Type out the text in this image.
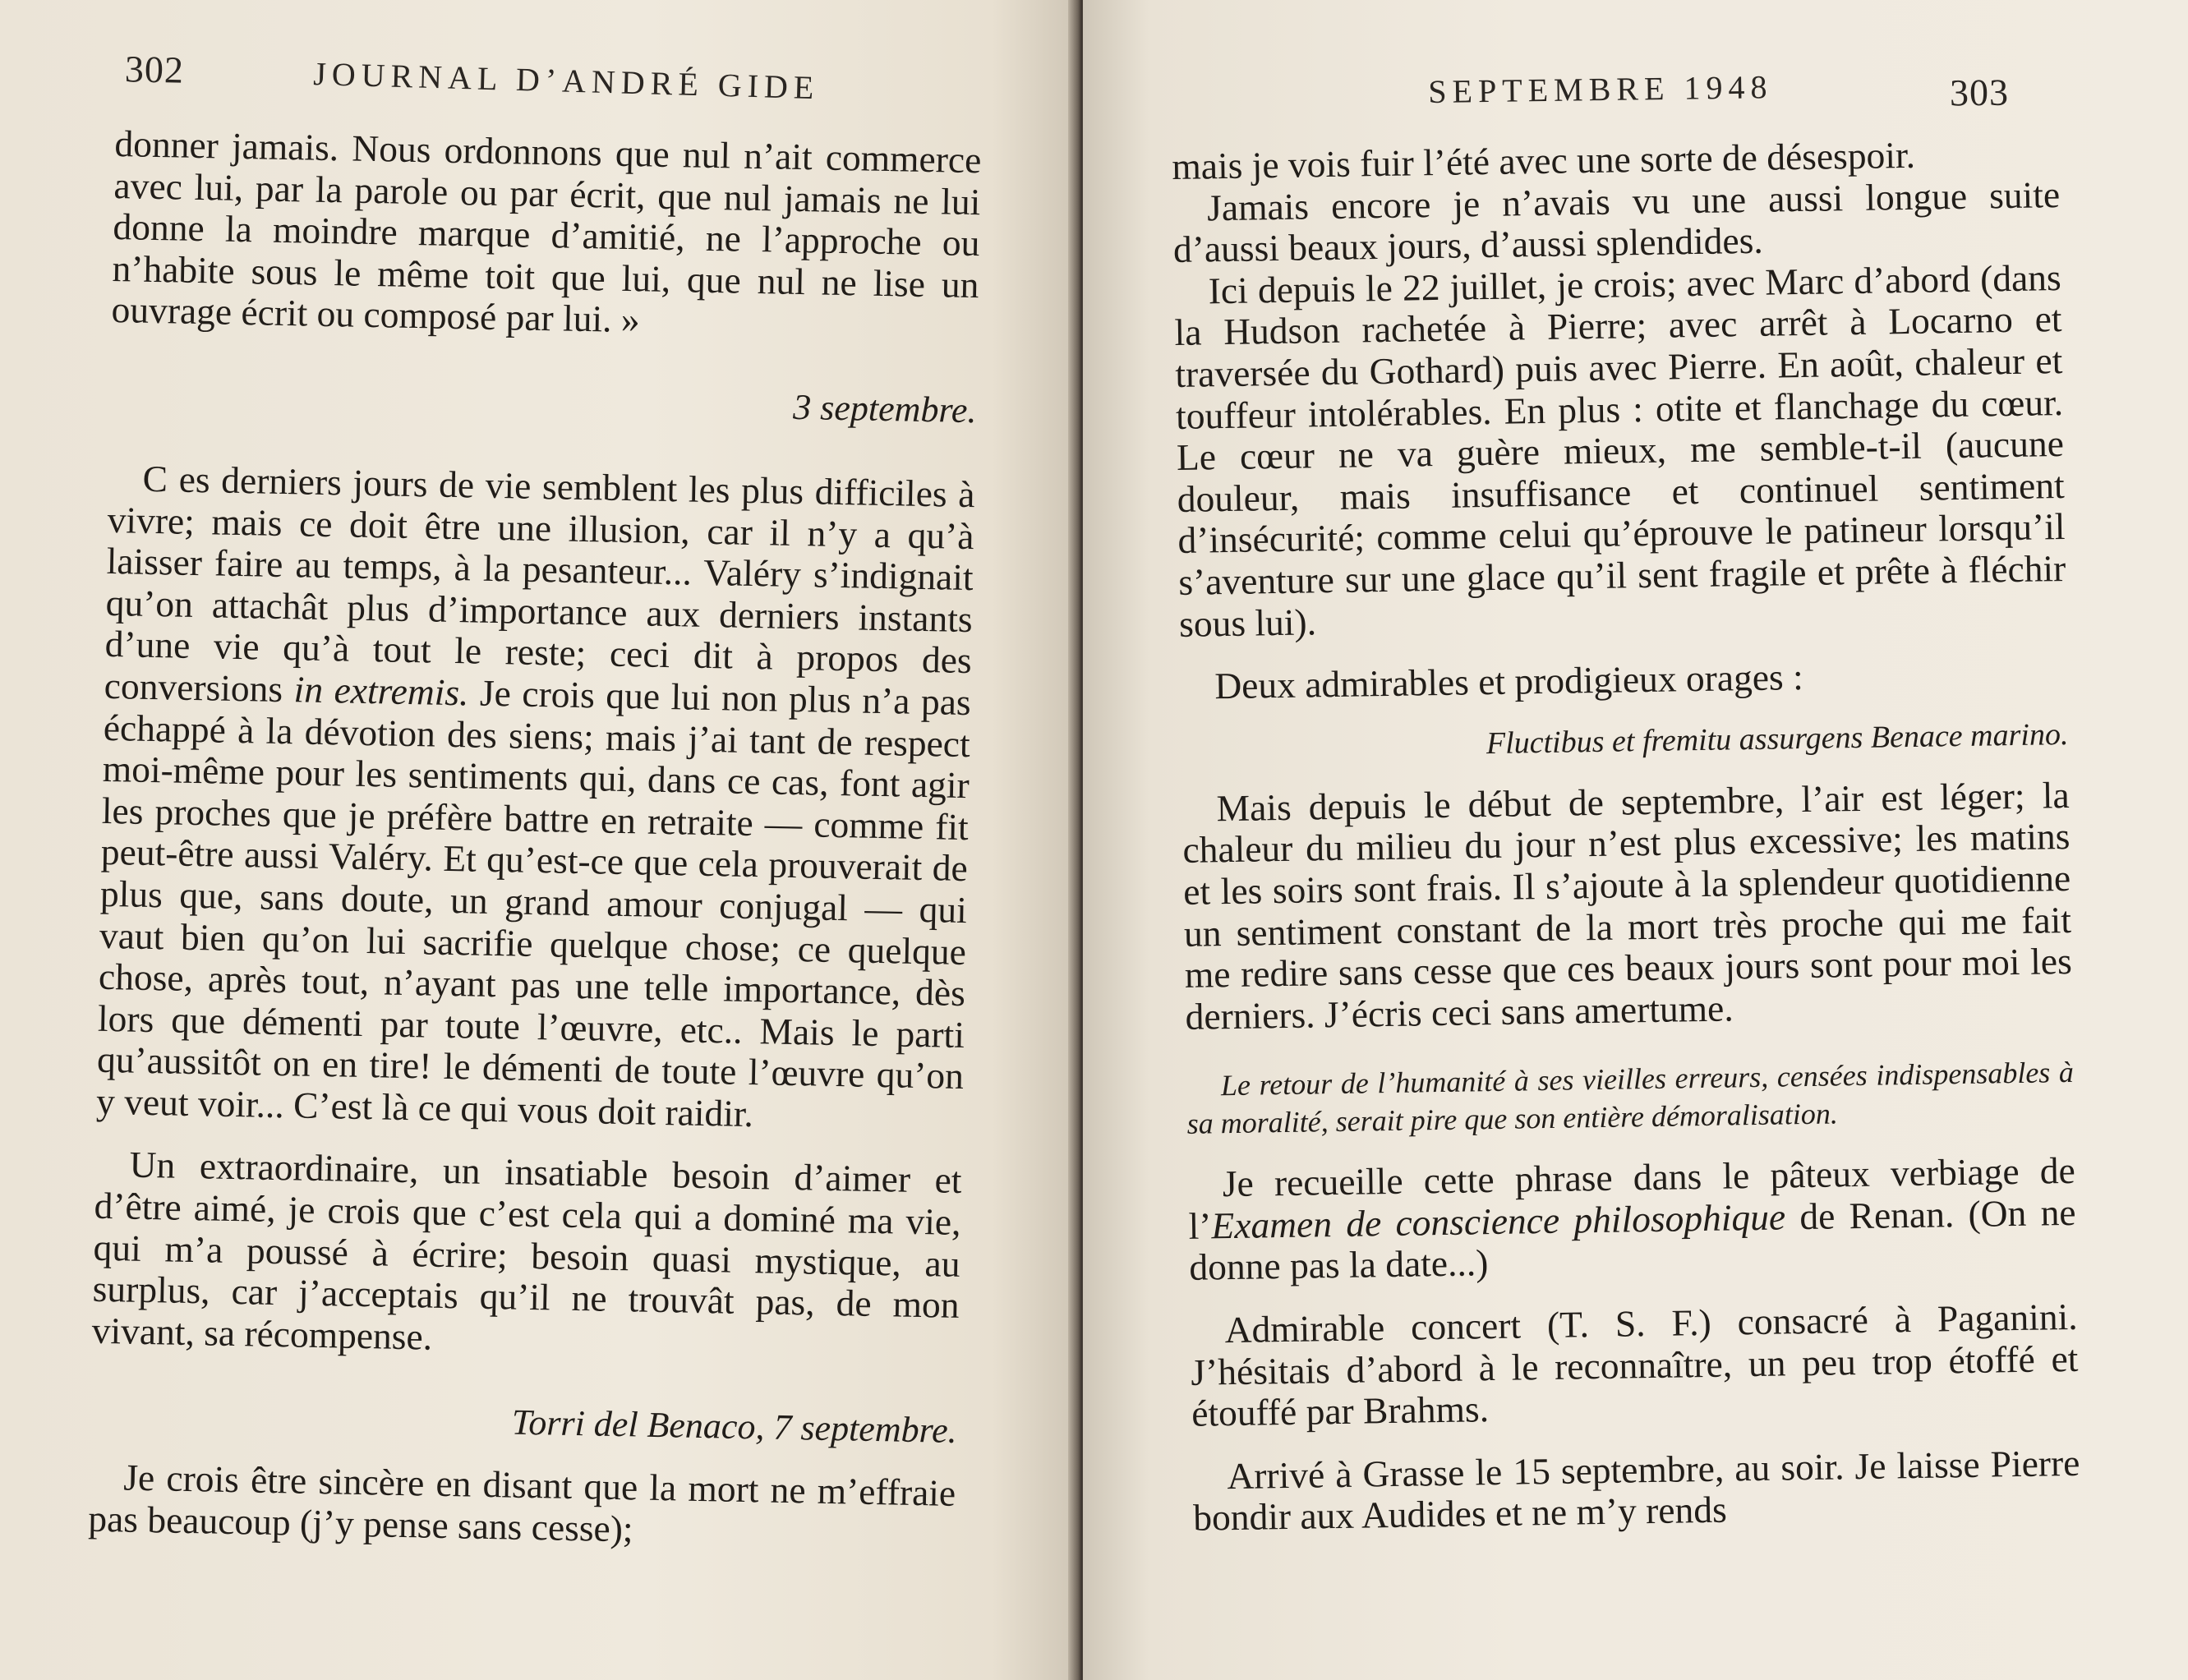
302	JOURNAL D’ANDRÉ GIDE

donner jamais. Nous ordonnons que nul n’ait commerce avec lui, par la parole ou par écrit, que nul jamais ne lui donne la moindre marque d’amitié, ne l’approche ou n’habite sous le même toit que lui, que nul ne lise un ouvrage écrit ou composé par lui. »

3 septembre.

C es derniers jours de vie semblent les plus difficiles à vivre; mais ce doit être une illusion, car il n’y a qu’à laisser faire au temps, à la pesanteur... Valéry s’indignait qu’on attachât plus d’importance aux derniers instants d’une vie qu’à tout le reste; ceci dit à propos des conversions in extremis. Je crois que lui non plus n’a pas échappé à la dévotion des siens; mais j’ai tant de respect moi-même pour les sentiments qui, dans ce cas, font agir les proches que je préfère battre en retraite — comme fit peut-être aussi Valéry. Et qu’est-ce que cela prouverait de plus que, sans doute, un grand amour conjugal — qui vaut bien qu’on lui sacrifie quelque chose; ce quelque chose, après tout, n’ayant pas une telle importance, dès lors que démenti par toute l’œuvre, etc.. Mais le parti qu’aussitôt on en tire! le démenti de toute l’œuvre qu’on y veut voir... C’est là ce qui vous doit raidir.

Un extraordinaire, un insatiable besoin d’aimer et d’être aimé, je crois que c’est cela qui a dominé ma vie, qui m’a poussé à écrire; besoin quasi mystique, au surplus, car j’acceptais qu’il ne trouvât pas, de mon vivant, sa récompense.

Torri del Benaco, 7 septembre.

Je crois être sincère en disant que la mort ne m’effraie pas beaucoup (j’y pense sans cesse);

SEPTEMBRE 1948	303

mais je vois fuir l’été avec une sorte de désespoir.

Jamais encore je n’avais vu une aussi longue suite d’aussi beaux jours, d’aussi splendides.

Ici depuis le 22 juillet, je crois; avec Marc d’abord (dans la Hudson rachetée à Pierre; avec arrêt à Locarno et traversée du Gothard) puis avec Pierre. En août, chaleur et touffeur intolérables. En plus : otite et flanchage du cœur. Le cœur ne va guère mieux, me semble-t-il (aucune douleur, mais insuffisance et continuel sentiment d’insécurité; comme celui qu’éprouve le patineur lorsqu’il s’aventure sur une glace qu’il sent fragile et prête à fléchir sous lui).

Deux admirables et prodigieux orages :

Fluctibus et fremitu assurgens Benace marino.

Mais depuis le début de septembre, l’air est léger; la chaleur du milieu du jour n’est plus excessive; les matins et les soirs sont frais. Il s’ajoute à la splendeur quotidienne un sentiment constant de la mort très proche qui me fait me redire sans cesse que ces beaux jours sont pour moi les derniers. J’écris ceci sans amertume.

Le retour de l’humanité à ses vieilles erreurs, censées indispensables à sa moralité, serait pire que son entière démoralisation.

Je recueille cette phrase dans le pâteux verbiage de l’Examen de conscience philosophique de Renan. (On ne donne pas la date...)

Admirable concert (T. S. F.) consacré à Paganini. J’hésitais d’abord à le reconnaître, un peu trop étoffé et étouffé par Brahms.

Arrivé à Grasse le 15 septembre, au soir. Je laisse Pierre bondir aux Audides et ne m’y rends
